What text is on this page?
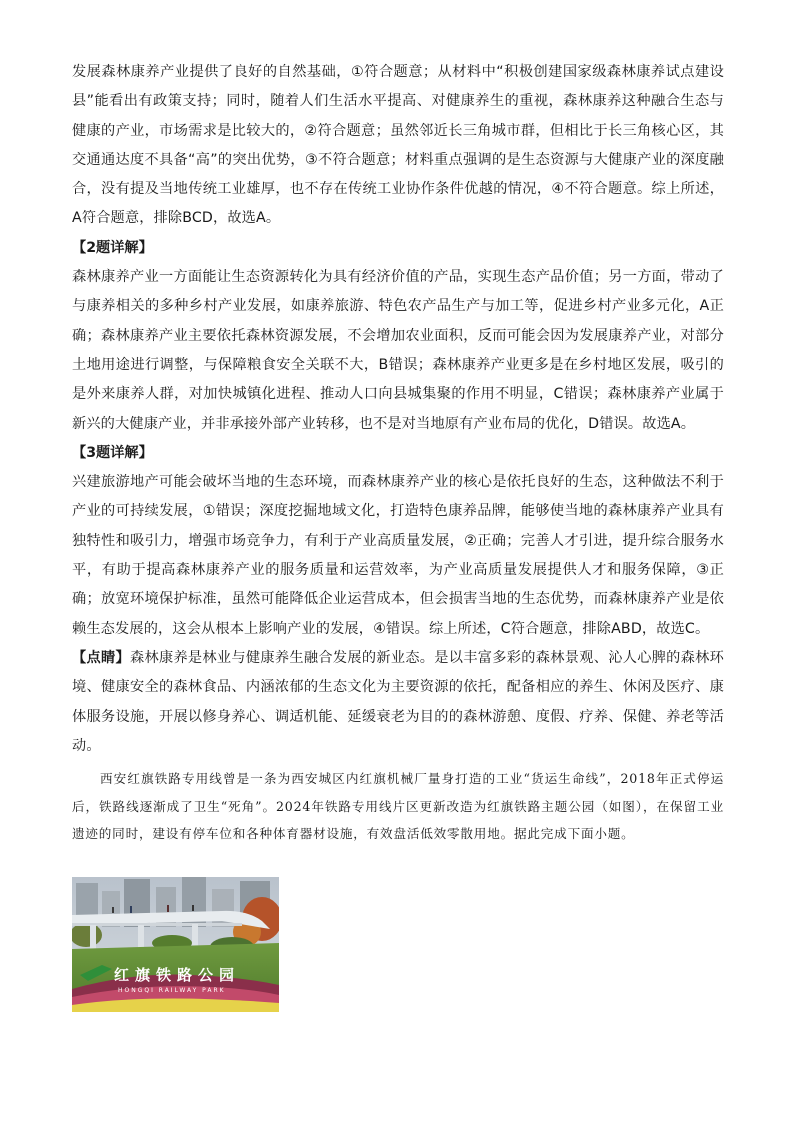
发展森林康养产业提供了良好的自然基础，①符合题意；从材料中“积极创建国家级森林康养试点建设县”能看出有政策支持；同时，随着人们生活水平提高、对健康养生的重视，森林康养这种融合生态与健康的产业，市场需求是比较大的，②符合题意；虽然邻近长三角城市群，但相比于长三角核心区，其交通通达度不具备“高”的突出优势，③不符合题意；材料重点强调的是生态资源与大健康产业的深度融合，没有提及当地传统工业雄厚，也不存在传统工业协作条件优越的情况，④不符合题意。综上所述，A符合题意，排除BCD，故选A。

【2题详解】

森林康养产业一方面能让生态资源转化为具有经济价值的产品，实现生态产品价值；另一方面，带动了与康养相关的多种乡村产业发展，如康养旅游、特色农产品生产与加工等，促进乡村产业多元化，A正确；森林康养产业主要依托森林资源发展，不会增加农业面积，反而可能会因为发展康养产业，对部分土地用途进行调整，与保障粮食安全关联不大，B错误；森林康养产业更多是在乡村地区发展，吸引的是外来康养人群，对加快城镇化进程、推动人口向县城集聚的作用不明显，C错误；森林康养产业属于新兴的大健康产业，并非承接外部产业转移，也不是对当地原有产业布局的优化，D错误。故选A。

【3题详解】

兴建旅游地产可能会破坏当地的生态环境，而森林康养产业的核心是依托良好的生态，这种做法不利于产业的可持续发展，①错误；深度挖掘地域文化，打造特色康养品牌，能够使当地的森林康养产业具有独特性和吸引力，增强市场竞争力，有利于产业高质量发展，②正确；完善人才引进，提升综合服务水平，有助于提高森林康养产业的服务质量和运营效率，为产业高质量发展提供人才和服务保障，③正确；放宽环境保护标准，虽然可能降低企业运营成本，但会损害当地的生态优势，而森林康养产业是依赖生态发展的，这会从根本上影响产业的发展，④错误。综上所述，C符合题意，排除ABD，故选C。

【点睛】森林康养是林业与健康养生融合发展的新业态。是以丰富多彩的森林景观、沁人心脾的森林环境、健康安全的森林食品、内涵浓郁的生态文化为主要资源的依托，配备相应的养生、休闲及医疗、康体服务设施，开展以修身养心、调适机能、延缓衰老为目的的森林游憩、度假、疗养、保健、养老等活动。

西安红旗铁路专用线曾是一条为西安城区内红旗机械厂量身打造的工业“货运生命线”，2018年正式停运后，铁路线逐渐成了卫生“死角”。2024年铁路专用线片区更新改造为红旗铁路主题公园（如图），在保留工业遗迹的同时，建设有停车位和各种体育器材设施，有效盘活低效零散用地。据此完成下面小题。

红旗铁路公园
HONGQI RAILWAY PARK
